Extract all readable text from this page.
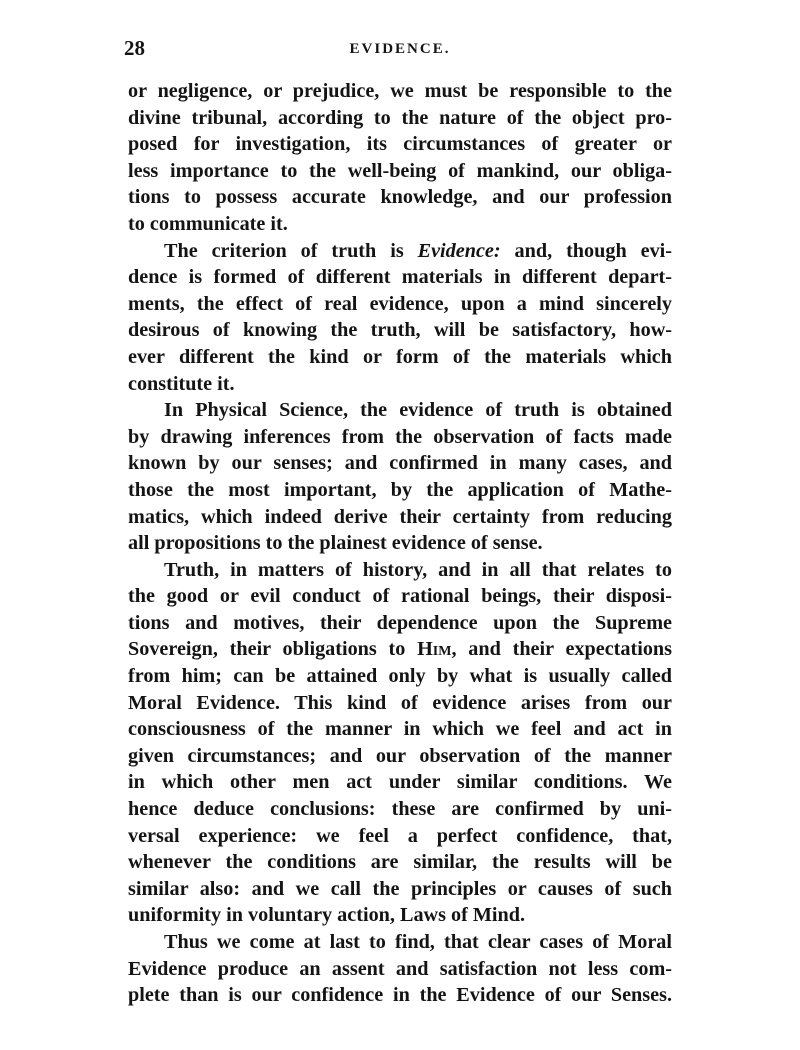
28	EVIDENCE.
or negligence, or prejudice, we must be responsible to the
divine tribunal, according to the nature of the object pro-
posed for investigation, its circumstances of greater or
less importance to the well-being of mankind, our obliga-
tions to possess accurate knowledge, and our profession
to communicate it.
The criterion of truth is Evidence: and, though evi-
dence is formed of different materials in different depart-
ments, the effect of real evidence, upon a mind sincerely
desirous of knowing the truth, will be satisfactory, how-
ever different the kind or form of the materials which
constitute it.
In Physical Science, the evidence of truth is obtained
by drawing inferences from the observation of facts made
known by our senses; and confirmed in many cases, and
those the most important, by the application of Mathe-
matics, which indeed derive their certainty from reducing
all propositions to the plainest evidence of sense.
Truth, in matters of history, and in all that relates to
the good or evil conduct of rational beings, their disposi-
tions and motives, their dependence upon the Supreme
Sovereign, their obligations to Him, and their expectations
from him; can be attained only by what is usually called
Moral Evidence. This kind of evidence arises from our
consciousness of the manner in which we feel and act in
given circumstances; and our observation of the manner
in which other men act under similar conditions. We
hence deduce conclusions: these are confirmed by uni-
versal experience: we feel a perfect confidence, that,
whenever the conditions are similar, the results will be
similar also: and we call the principles or causes of such
uniformity in voluntary action, Laws of Mind.
Thus we come at last to find, that clear cases of Moral
Evidence produce an assent and satisfaction not less com-
plete than is our confidence in the Evidence of our Senses.
